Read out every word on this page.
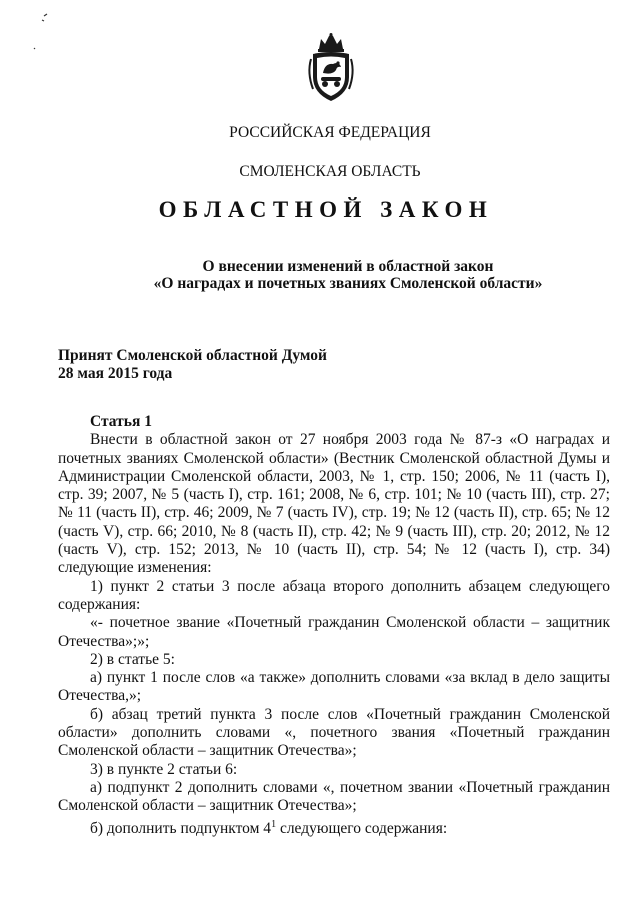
РОССИЙСКАЯ ФЕДЕРАЦИЯ
СМОЛЕНСКАЯ ОБЛАСТЬ
ОБЛАСТНОЙ ЗАКОН
О внесении изменений в областной закон
«О наградах и почетных званиях Смоленской области»
Принят Смоленской областной Думой
28 мая 2015 года

Статья 1

Внести в областной закон от 27 ноября 2003 года № 87-з «О наградах и почетных званиях Смоленской области» (Вестник Смоленской областной Думы и Администрации Смоленской области, 2003, № 1, стр. 150; 2006, № 11 (часть I), стр. 39; 2007, № 5 (часть I), стр. 161; 2008, № 6, стр. 101; № 10 (часть III), стр. 27; № 11 (часть II), стр. 46; 2009, № 7 (часть IV), стр. 19; № 12 (часть II), стр. 65; № 12 (часть V), стр. 66; 2010, № 8 (часть II), стр. 42; № 9 (часть III), стр. 20; 2012, № 12 (часть V), стр. 152; 2013, № 10 (часть II), стр. 54; № 12 (часть I), стр. 34) следующие изменения:

1) пункт 2 статьи 3 после абзаца второго дополнить абзацем следующего содержания:

«- почетное звание «Почетный гражданин Смоленской области – защитник Отечества»;»;

2) в статье 5:

а) пункт 1 после слов «а также» дополнить словами «за вклад в дело защиты Отечества,»;

б) абзац третий пункта 3 после слов «Почетный гражданин Смоленской области» дополнить словами «, почетного звания «Почетный гражданин Смоленской области – защитник Отечества»;

3) в пункте 2 статьи 6:

а) подпункт 2 дополнить словами «, почетном звании «Почетный гражданин Смоленской области – защитник Отечества»;

б) дополнить подпунктом $4^1$ следующего содержания:
